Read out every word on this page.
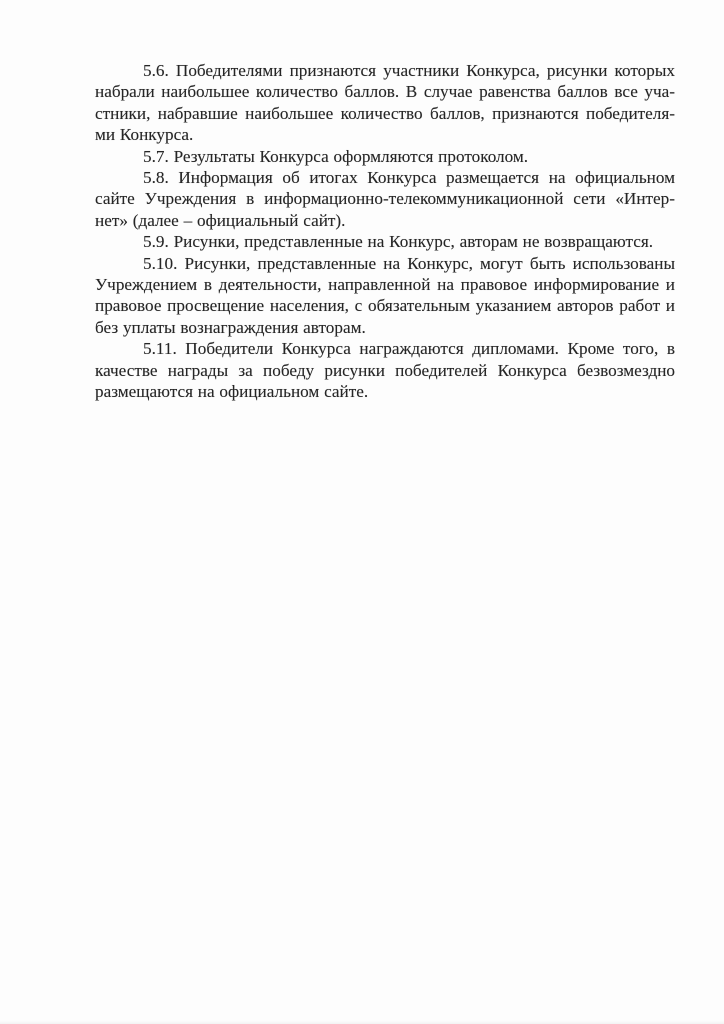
5.6. Победителями признаются участники Конкурса, рисунки которых
набрали наибольшее количество баллов. В случае равенства баллов все уча-
стники, набравшие наибольшее количество баллов, признаются победителя-
ми Конкурса.
5.7. Результаты Конкурса оформляются протоколом.
5.8. Информация об итогах Конкурса размещается на официальном
сайте Учреждения в информационно-телекоммуникационной сети «Интер-
нет» (далее – официальный сайт).
5.9. Рисунки, представленные на Конкурс, авторам не возвращаются.
5.10. Рисунки, представленные на Конкурс, могут быть использованы
Учреждением в деятельности, направленной на правовое информирование и
правовое просвещение населения, с обязательным указанием авторов работ и
без уплаты вознаграждения авторам.
5.11. Победители Конкурса награждаются дипломами. Кроме того, в
качестве награды за победу рисунки победителей Конкурса безвозмездно
размещаются на официальном сайте.
